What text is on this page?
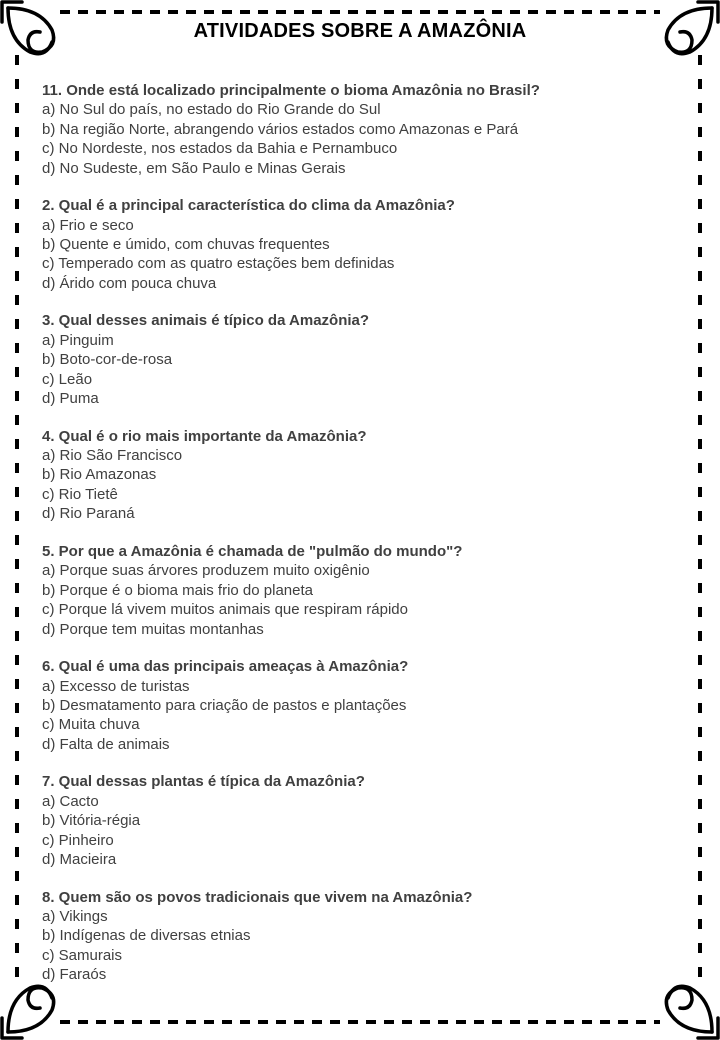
ATIVIDADES SOBRE A AMAZÔNIA
11. Onde está localizado principalmente o bioma Amazônia no Brasil?
a) No Sul do país, no estado do Rio Grande do Sul
b) Na região Norte, abrangendo vários estados como Amazonas e Pará
c) No Nordeste, nos estados da Bahia e Pernambuco
d) No Sudeste, em São Paulo e Minas Gerais
2. Qual é a principal característica do clima da Amazônia?
a) Frio e seco
b) Quente e úmido, com chuvas frequentes
c) Temperado com as quatro estações bem definidas
d) Árido com pouca chuva
3. Qual desses animais é típico da Amazônia?
a) Pinguim
b) Boto-cor-de-rosa
c) Leão
d) Puma
4. Qual é o rio mais importante da Amazônia?
a) Rio São Francisco
b) Rio Amazonas
c) Rio Tietê
d) Rio Paraná
5. Por que a Amazônia é chamada de "pulmão do mundo"?
a) Porque suas árvores produzem muito oxigênio
b) Porque é o bioma mais frio do planeta
c) Porque lá vivem muitos animais que respiram rápido
d) Porque tem muitas montanhas
6. Qual é uma das principais ameaças à Amazônia?
a) Excesso de turistas
b) Desmatamento para criação de pastos e plantações
c) Muita chuva
d) Falta de animais
7. Qual dessas plantas é típica da Amazônia?
a) Cacto
b) Vitória-régia
c) Pinheiro
d) Macieira
8. Quem são os povos tradicionais que vivem na Amazônia?
a) Vikings
b) Indígenas de diversas etnias
c) Samurais
d) Faraós
